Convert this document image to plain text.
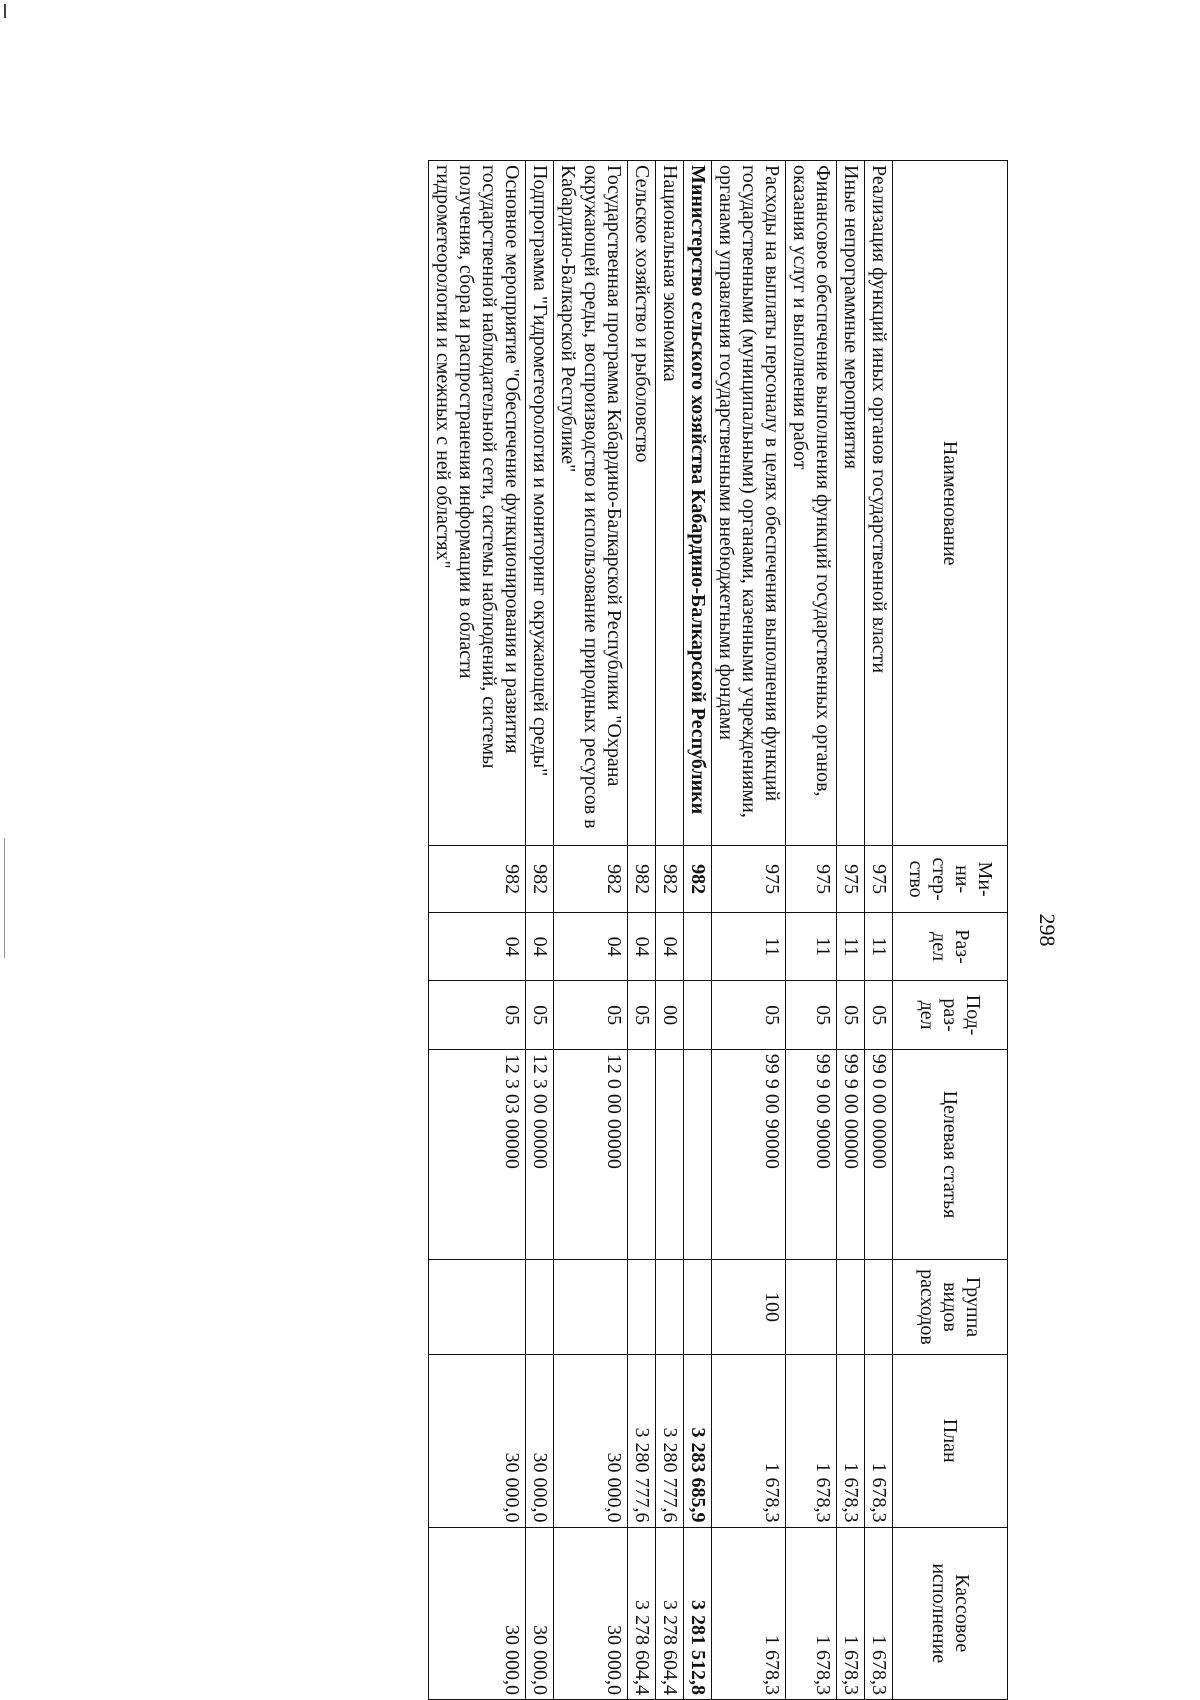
298
Наименование	Ми-ни-стер-ство	Раз-дел	Под-раз-дел	Целевая статья	Группа видов расходов	План	Кассовое исполнение
Реализация функций иных органов государственной власти	975	11	05	99 0 00 00000		1 678,3	1 678,3
Иные непрограммные мероприятия	975	11	05	99 9 00 00000		1 678,3	1 678,3
Финансовое обеспечение выполнения функций государственных органов, оказания услуг и выполнения работ	975	11	05	99 9 00 90000		1 678,3	1 678,3
Расходы на выплаты персоналу в целях обеспечения выполнения функций государственными (муниципальными) органами, казенными учреждениями, органами управления государственными внебюджетными фондами	975	11	05	99 9 00 90000	100	1 678,3	1 678,3
Министерство сельского хозяйства Кабардино-Балкарской Республики	982					3 283 685,9	3 281 512,8
Национальная экономика	982	04	00			3 280 777,6	3 278 604,4
Сельское хозяйство и рыболовство	982	04	05			3 280 777,6	3 278 604,4
Государственная программа Кабардино-Балкарской Республики "Охрана окружающей среды, воспроизводство и использование природных ресурсов в Кабардино-Балкарской Республике"	982	04	05	12 0 00 00000		30 000,0	30 000,0
Подпрограмма "Гидрометеорология и мониторинг окружающей среды"	982	04	05	12 3 00 00000		30 000,0	30 000,0
Основное мероприятие "Обеспечение функционирования и развития государственной наблюдательной сети, системы наблюдений, системы получения, сбора и распространения информации в области гидрометеорологии и смежных с ней областях"	982	04	05	12 3 03 00000		30 000,0	30 000,0
